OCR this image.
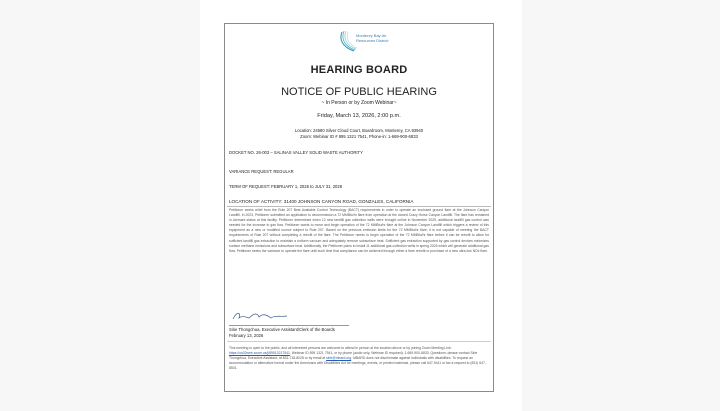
Monterey Bay Air
Resources District
HEARING BOARD
NOTICE OF PUBLIC HEARING
~ In Person or by Zoom Webinar~
Friday, March 13, 2026, 2:00 p.m.
Location: 24580 Silver Cloud Court, Boardroom, Monterey, CA 93940
Zoom: Webinar ID # 895 1321 7541, Phone-in: 1-669-900-6833
DOCKET NO. 26-003 – SALINAS VALLEY SOLID WASTE AUTHORITY
VARIANCE REQUEST: REGULAR
TERM OF REQUEST: FEBRUARY 1, 2026 to JULY 31, 2028
LOCATION OF ACTIVITY: 31400 JOHNSON CANYON ROAD, GONZALES, CALIFORNIA
Petitioner seeks relief from the Rule 207 Best Available Control Technology (BACT) requirements in order to operate an enclosed ground flare at the Johnson Canyon Landfill. In 2023, Petitioner submitted an application to decommission a 72 MMBtu/hr flare from operation at the closed Crazy Horse Canyon Landfill. The flare has remained in dormant status at this facility. Petitioner determined when 12 new landfill gas collection wells were brought online in November 2025, additional landfill gas control was needed for the increase in gas flow. Petitioner wants to move and begin operation of the 72 MMBtu/hr flare at the Johnson Canyon Landfill which triggers a review of this equipment as a new or modified source subject to Rule 207. Based on the previous emission limits for the 72 MMBtu/hr flare, it is not capable of meeting the BACT requirements of Rule 207 without completing a retrofit of the flare. The Petitioner needs to begin operation of the 72 MMBtu/hr flare before it can be retrofit to allow for sufficient landfill gas extraction to maintain a uniform vacuum and adequately remove subsurface heat. Sufficient gas extraction supported by gas control devices minimizes surface methane emissions and subsurface heat. Additionally, the Petitioner plans to install 11 additional gas collection wells in spring 2026 which will generate additional gas flow. Petitioner seeks the variance to operate the flare until such time that compliance can be achieved through either a flare retrofit or purchase of a new ultra-low NOx flare.
Sirie Thongchua, Executive Assistant/Clerk of the Boards
February 13, 2026
This meeting is open to the public, and all interested persons are welcome to attend in person at the location above or by joining Zoom Meeting Link: https://us02web.zoom.us/j/89513217541, Webinar ID 895 1321 7541, or by phone (audio only, Webinar ID required): 1-669-900-6833. Questions: please contact Sirie Thongchua, Executive Assistant, at 831-718-8028 or by email at sirie@mbard.org. MBARD does not discriminate against individuals with disabilities. To request an accommodation or alternative format under the Americans with Disabilities Act for meetings, events, or printed materials, please call 647-9411 or fax a request to (831) 647-8501.
